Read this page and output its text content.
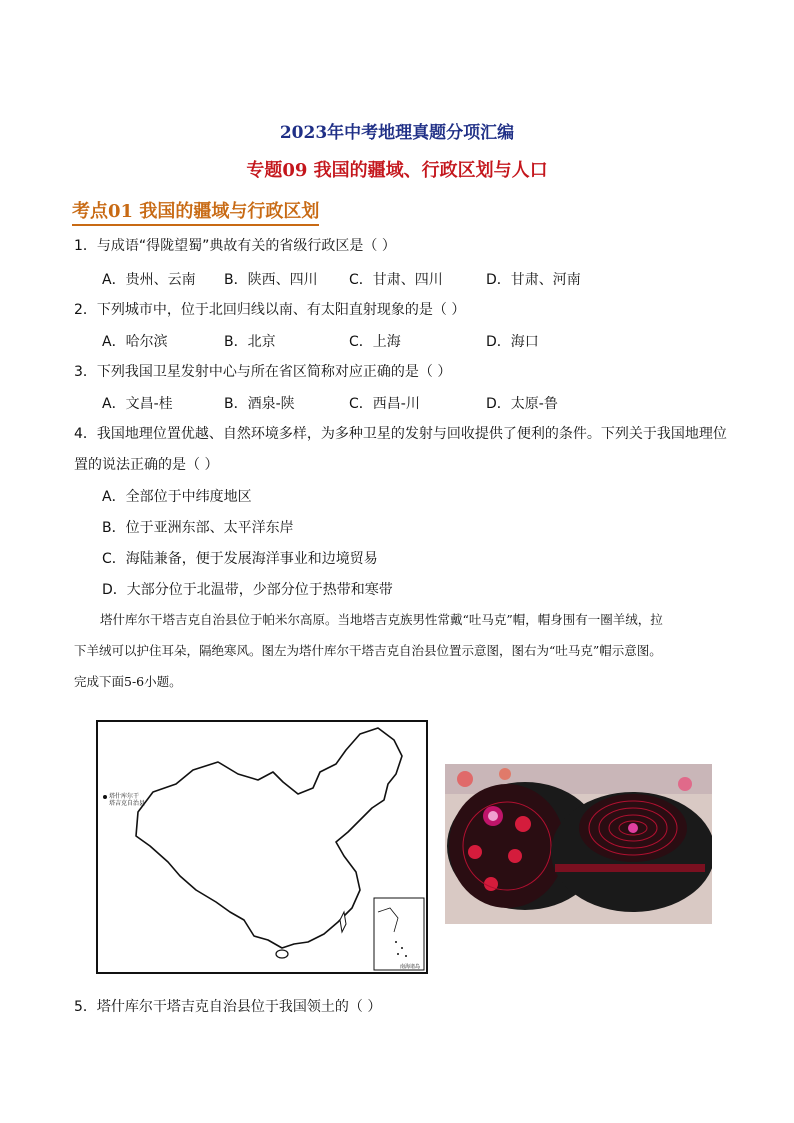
2023年中考地理真题分项汇编
专题09 我国的疆域、行政区划与人口
考点01 我国的疆域与行政区划
1．与成语“得陇望蜀”典故有关的省级行政区是（ ）
A．贵州、云南 B．陕西、四川 C．甘肃、四川	D．甘肃、河南
2．下列城市中，位于北回归线以南、有太阳直射现象的是（ ）
A．哈尔滨	B．北京	C．上海	D．海口
3．下列我国卫星发射中心与所在省区简称对应正确的是（ ）
A．文昌-桂	B．酒泉-陕	C．西昌-川	D．太原-鲁
4．我国地理位置优越、自然环境多样，为多种卫星的发射与回收提供了便利的条件。下列关于我国地理位
置的说法正确的是（ ）
A．全部位于中纬度地区
B．位于亚洲东部、太平洋东岸
C．海陆兼备，便于发展海洋事业和边境贸易
D．大部分位于北温带，少部分位于热带和寒带
塔什库尔干塔吉克自治县位于帕米尔高原。当地塔吉克族男性常戴“吐马克”帽，帽身围有一圈羊绒，拉
下羊绒可以护住耳朵，隔绝寒风。图左为塔什库尔干塔吉克自治县位置示意图，图右为“吐马克”帽示意图。
完成下面5-6小题。
塔什库尔干
塔吉克自治县
南海诸岛
5．塔什库尔干塔吉克自治县位于我国领土的（ ）
